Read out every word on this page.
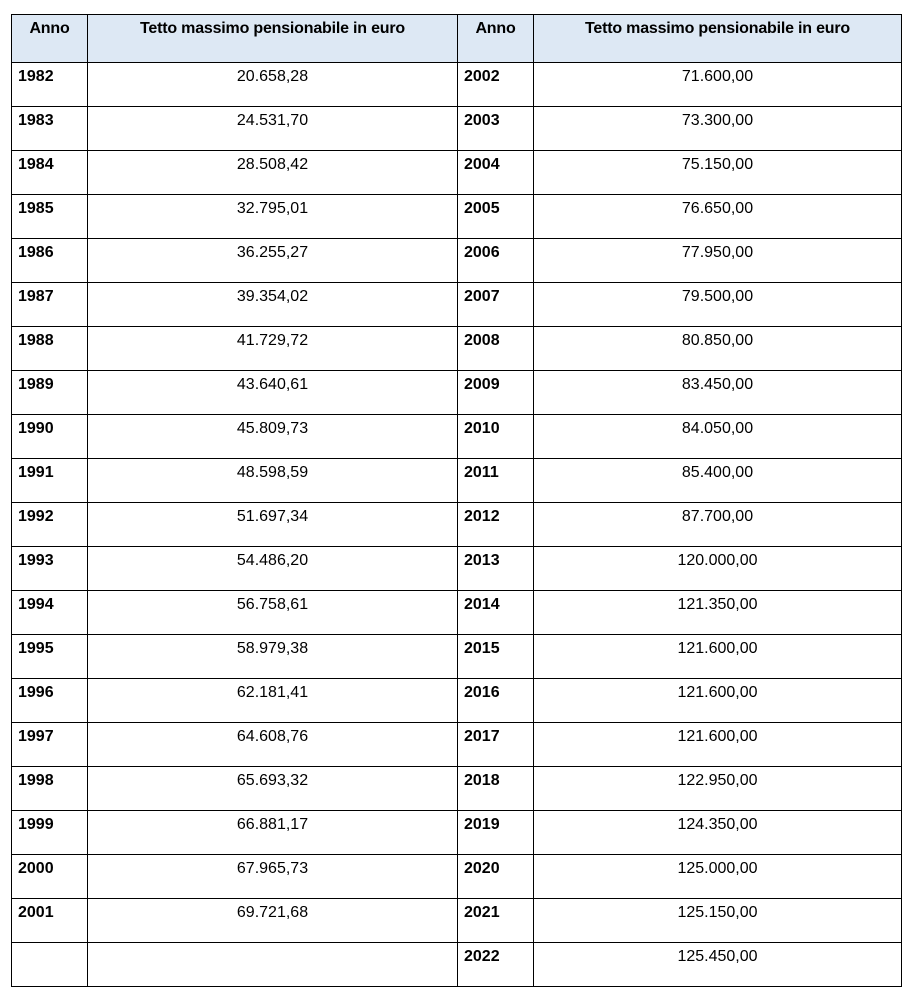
Anno	Tetto massimo pensionabile in euro	Anno	Tetto massimo pensionabile in euro
1982	20.658,28	2002	71.600,00
1983	24.531,70	2003	73.300,00
1984	28.508,42	2004	75.150,00
1985	32.795,01	2005	76.650,00
1986	36.255,27	2006	77.950,00
1987	39.354,02	2007	79.500,00
1988	41.729,72	2008	80.850,00
1989	43.640,61	2009	83.450,00
1990	45.809,73	2010	84.050,00
1991	48.598,59	2011	85.400,00
1992	51.697,34	2012	87.700,00
1993	54.486,20	2013	120.000,00
1994	56.758,61	2014	121.350,00
1995	58.979,38	2015	121.600,00
1996	62.181,41	2016	121.600,00
1997	64.608,76	2017	121.600,00
1998	65.693,32	2018	122.950,00
1999	66.881,17	2019	124.350,00
2000	67.965,73	2020	125.000,00
2001	69.721,68	2021	125.150,00
		2022	125.450,00
